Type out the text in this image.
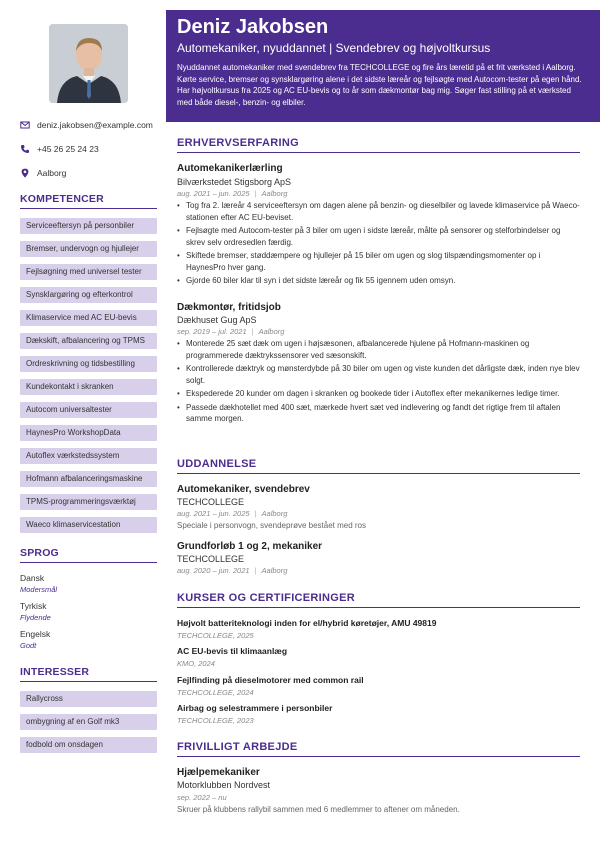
deniz.jakobsen@example.com
+45 26 25 24 23
Aalborg
KOMPETENCER
Serviceeftersyn på personbiler
Bremser, undervogn og hjullejer
Fejlsøgning med universel tester
Synsklargøring og efterkontrol
Klimaservice med AC EU-bevis
Dækskift, afbalancering og TPMS
Ordreskrivning og tidsbestilling
Kundekontakt i skranken
Autocom universaltester
HaynesPro WorkshopData
Autoflex værkstedssystem
Hofmann afbalanceringsmaskine
TPMS-programmeringsværktøj
Waeco klimaservicestation
SPROG
Dansk
Modersmål
Tyrkisk
Flydende
Engelsk
Godt
INTERESSER
Rallycross
ombygning af en Golf mk3
fodbold om onsdagen
Deniz Jakobsen
Automekaniker, nyuddannet | Svendebrev og højvoltkursus
Nyuddannet automekaniker med svendebrev fra TECHCOLLEGE og fire års læretid på et frit værksted i Aalborg. Kørte service, bremser og synsklargøring alene i det sidste læreår og fejlsøgte med Autocom-tester på egen hånd. Har højvoltkursus fra 2025 og AC EU-bevis og to år som dækmontør bag mig. Søger fast stilling på et værksted med både diesel-, benzin- og elbiler.
ERHVERVSERFARING
Automekanikerlærling
Bilværkstedet Stigsborg ApS
aug. 2021 – jun. 2025 | Aalborg
• Tog fra 2. læreår 4 serviceeftersyn om dagen alene på benzin- og dieselbiler og lavede klimaservice på Waeco-stationen efter AC EU-beviset.
• Fejlsøgte med Autocom-tester på 3 biler om ugen i sidste læreår, målte på sensorer og stelforbindelser og skrev selv ordresedlen færdig.
• Skiftede bremser, støddæmpere og hjullejer på 15 biler om ugen og slog tilspændingsmomenter op i HaynesPro hver gang.
• Gjorde 60 biler klar til syn i det sidste læreår og fik 55 igennem uden omsyn.
Dækmontør, fritidsjob
Dækhuset Gug ApS
sep. 2019 – jul. 2021 | Aalborg
• Monterede 25 sæt dæk om ugen i højsæsonen, afbalancerede hjulene på Hofmann-maskinen og programmerede dæktrykssensorer ved sæsonskift.
• Kontrollerede dæktryk og mønsterdybde på 30 biler om ugen og viste kunden det dårligste dæk, inden nye blev solgt.
• Ekspederede 20 kunder om dagen i skranken og bookede tider i Autoflex efter mekanikernes ledige timer.
• Passede dækhotellet med 400 sæt, mærkede hvert sæt ved indlevering og fandt det rigtige frem til aftalen samme morgen.
UDDANNELSE
Automekaniker, svendebrev
TECHCOLLEGE
aug. 2021 – jun. 2025 | Aalborg
Speciale i personvogn, svendeprøve bestået med ros
Grundforløb 1 og 2, mekaniker
TECHCOLLEGE
aug. 2020 – jun. 2021 | Aalborg
KURSER OG CERTIFICERINGER
Højvolt batteriteknologi inden for el/hybrid køretøjer, AMU 49819
TECHCOLLEGE, 2025
AC EU-bevis til klimaanlæg
KMO, 2024
Fejlfinding på dieselmotorer med common rail
TECHCOLLEGE, 2024
Airbag og selestrammere i personbiler
TECHCOLLEGE, 2023
FRIVILLIGT ARBEJDE
Hjælpemekaniker
Motorklubben Nordvest
sep. 2022 – nu
Skruer på klubbens rallybil sammen med 6 medlemmer to aftener om måneden.
